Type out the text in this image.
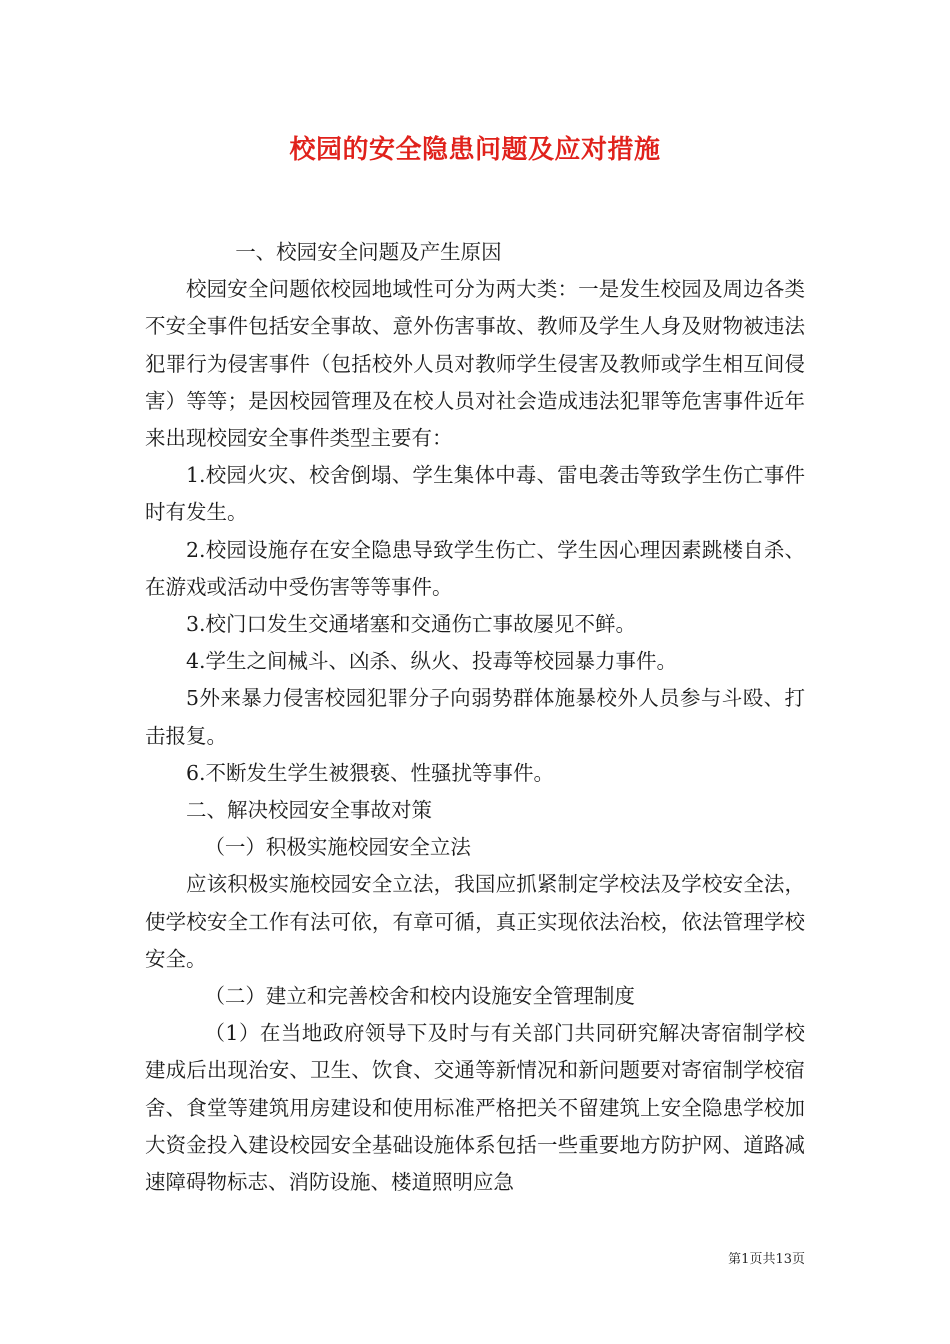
校园的安全隐患问题及应对措施

一、校园安全问题及产生原因

校园安全问题依校园地域性可分为两大类：一是发生校园及周边各类不安全事件包括安全事故、意外伤害事故、教师及学生人身及财物被违法犯罪行为侵害事件（包括校外人员对教师学生侵害及教师或学生相互间侵害）等等；是因校园管理及在校人员对社会造成违法犯罪等危害事件近年来出现校园安全事件类型主要有：

1.校园火灾、校舍倒塌、学生集体中毒、雷电袭击等致学生伤亡事件时有发生。

2.校园设施存在安全隐患导致学生伤亡、学生因心理因素跳楼自杀、在游戏或活动中受伤害等等事件。

3.校门口发生交通堵塞和交通伤亡事故屡见不鲜。

4.学生之间械斗、凶杀、纵火、投毒等校园暴力事件。

5外来暴力侵害校园犯罪分子向弱势群体施暴校外人员参与斗殴、打击报复。

6.不断发生学生被猥亵、性骚扰等事件。

二、解决校园安全事故对策

（一）积极实施校园安全立法

应该积极实施校园安全立法，我国应抓紧制定学校法及学校安全法，使学校安全工作有法可依，有章可循，真正实现依法治校，依法管理学校安全。

（二）建立和完善校舍和校内设施安全管理制度

（1）在当地政府领导下及时与有关部门共同研究解决寄宿制学校建成后出现治安、卫生、饮食、交通等新情况和新问题要对寄宿制学校宿舍、食堂等建筑用房建设和使用标准严格把关不留建筑上安全隐患学校加大资金投入建设校园安全基础设施体系包括一些重要地方防护网、道路减速障碍物标志、消防设施、楼道照明应急

第1页共13页
